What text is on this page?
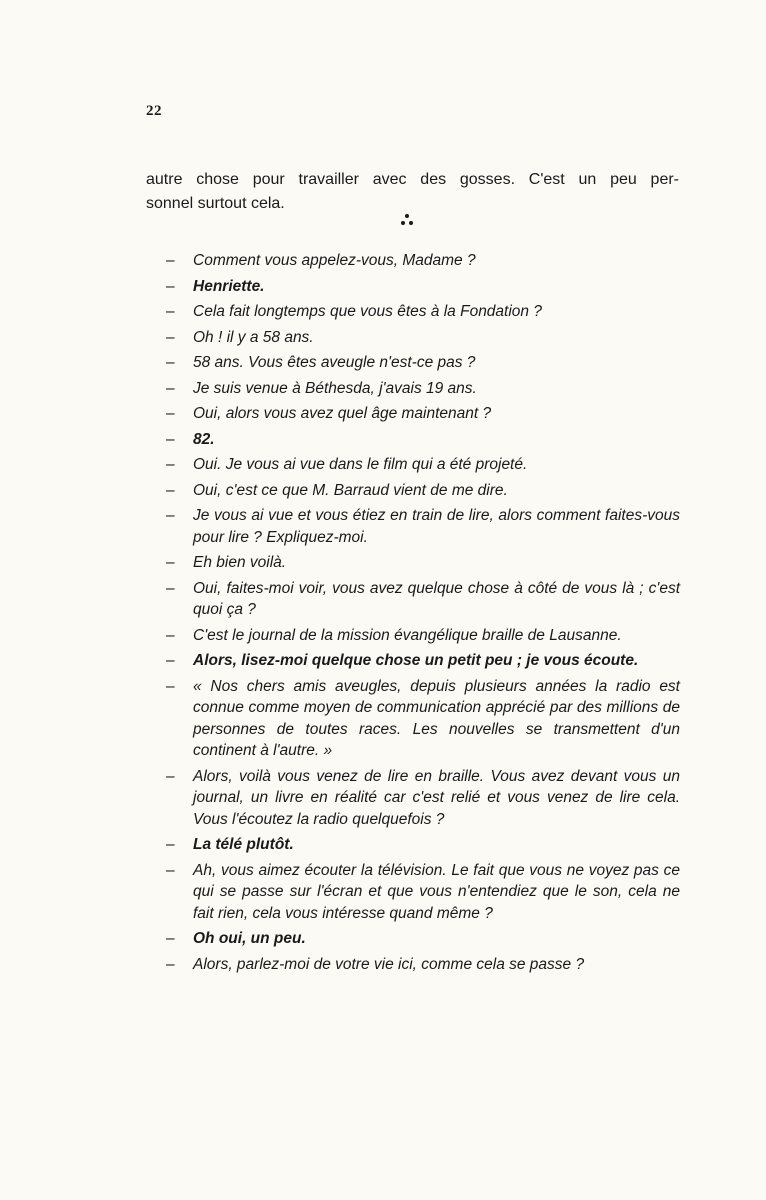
22
autre chose pour travailler avec des gosses. C'est un peu per-
sonnel surtout cela.
– Comment vous appelez-vous, Madame ?
– Henriette.
– Cela fait longtemps que vous êtes à la Fondation ?
– Oh ! il y a 58 ans.
– 58 ans. Vous êtes aveugle n'est-ce pas ?
– Je suis venue à Béthesda, j'avais 19 ans.
– Oui, alors vous avez quel âge maintenant ?
– 82.
– Oui. Je vous ai vue dans le film qui a été projeté.
– Oui, c'est ce que M. Barraud vient de me dire.
– Je vous ai vue et vous étiez en train de lire, alors comment faites-vous pour lire ? Expliquez-moi.
– Eh bien voilà.
– Oui, faites-moi voir, vous avez quelque chose à côté de vous là ; c'est quoi ça ?
– C'est le journal de la mission évangélique braille de Lausanne.
– Alors, lisez-moi quelque chose un petit peu ; je vous écoute.
– « Nos chers amis aveugles, depuis plusieurs années la radio est connue comme moyen de communication apprécié par des millions de personnes de toutes races. Les nouvelles se transmettent d'un continent à l'autre. »
– Alors, voilà vous venez de lire en braille. Vous avez devant vous un journal, un livre en réalité car c'est relié et vous venez de lire cela. Vous l'écoutez la radio quelquefois ?
– La télé plutôt.
– Ah, vous aimez écouter la télévision. Le fait que vous ne voyez pas ce qui se passe sur l'écran et que vous n'entendiez que le son, cela ne fait rien, cela vous intéresse quand même ?
– Oh oui, un peu.
– Alors, parlez-moi de votre vie ici, comme cela se passe ?
